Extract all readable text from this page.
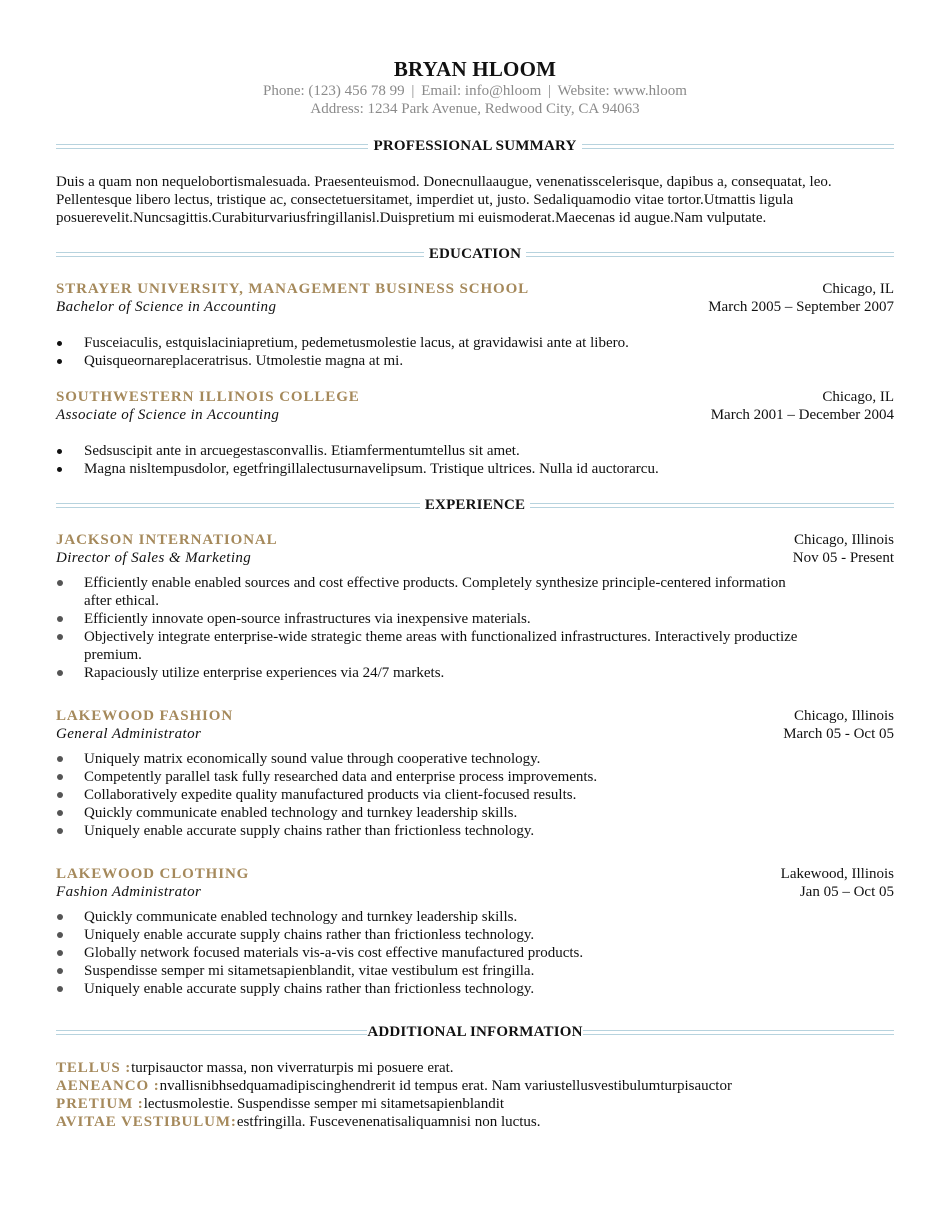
BRYAN HLOOM
Phone: (123) 456 78 99 | Email: info@hloom | Website: www.hloom
Address: 1234 Park Avenue, Redwood City, CA 94063
PROFESSIONAL SUMMARY

Duis a quam non nequelobortismalesuada. Praesenteuismod. Donecnullaaugue, venenatisscelerisque, dapibus a, consequatat, leo. Pellentesque libero lectus, tristique ac, consectetuersitamet, imperdiet ut, justo. Sedaliquamodio vitae tortor.Utmattis ligula posuerevelit.Nuncsagittis.Curabiturvariusfringillanisl.Duispretium mi euismoderat.Maecenas id augue.Nam vulputate.

EDUCATION
STRAYER UNIVERSITY, MANAGEMENT BUSINESS SCHOOL	Chicago, IL
Bachelor of Science in Accounting	March 2005 – September 2007
Fusceiaculis, estquislaciniapretium, pedemetusmolestie lacus, at gravidawisi ante at libero.
Quisqueornareplaceratrisus. Utmolestie magna at mi.
SOUTHWESTERN ILLINOIS COLLEGE	Chicago, IL
Associate of Science in Accounting	March 2001 – December 2004
Sedsuscipit ante in arcuegestasconvallis. Etiamfermentumtellus sit amet.
Magna nisltempusdolor, egetfringillalectusurnavelipsum. Tristique ultrices. Nulla id auctorarcu.
EXPERIENCE
JACKSON INTERNATIONAL	Chicago, Illinois
Director of Sales & Marketing	Nov 05 - Present
Efficiently enable enabled sources and cost effective products. Completely synthesize principle-centered information after ethical.
Efficiently innovate open-source infrastructures via inexpensive materials.
Objectively integrate enterprise-wide strategic theme areas with functionalized infrastructures. Interactively productize premium.
Rapaciously utilize enterprise experiences via 24/7 markets.
LAKEWOOD FASHION	Chicago, Illinois
General Administrator	March 05 - Oct 05
Uniquely matrix economically sound value through cooperative technology.
Competently parallel task fully researched data and enterprise process improvements.
Collaboratively expedite quality manufactured products via client-focused results.
Quickly communicate enabled technology and turnkey leadership skills.
Uniquely enable accurate supply chains rather than frictionless technology.
LAKEWOOD CLOTHING	Lakewood, Illinois
Fashion Administrator	Jan 05 – Oct 05
Quickly communicate enabled technology and turnkey leadership skills.
Uniquely enable accurate supply chains rather than frictionless technology.
Globally network focused materials vis-a-vis cost effective manufactured products.
Suspendisse semper mi sitametsapienblandit, vitae vestibulum est fringilla.
Uniquely enable accurate supply chains rather than frictionless technology.
ADDITIONAL INFORMATION
TELLUS :turpisauctor massa, non viverraturpis mi posuere erat.
AENEANCO :nvallisnibhsedquamadipiscinghendrerit id tempus erat. Nam variustellusvestibulumturpisauctor
PRETIUM :lectusmolestie. Suspendisse semper mi sitametsapienblandit
AVITAE VESTIBULUM:estfringilla. Fuscevenenatisaliquamnisi non luctus.
